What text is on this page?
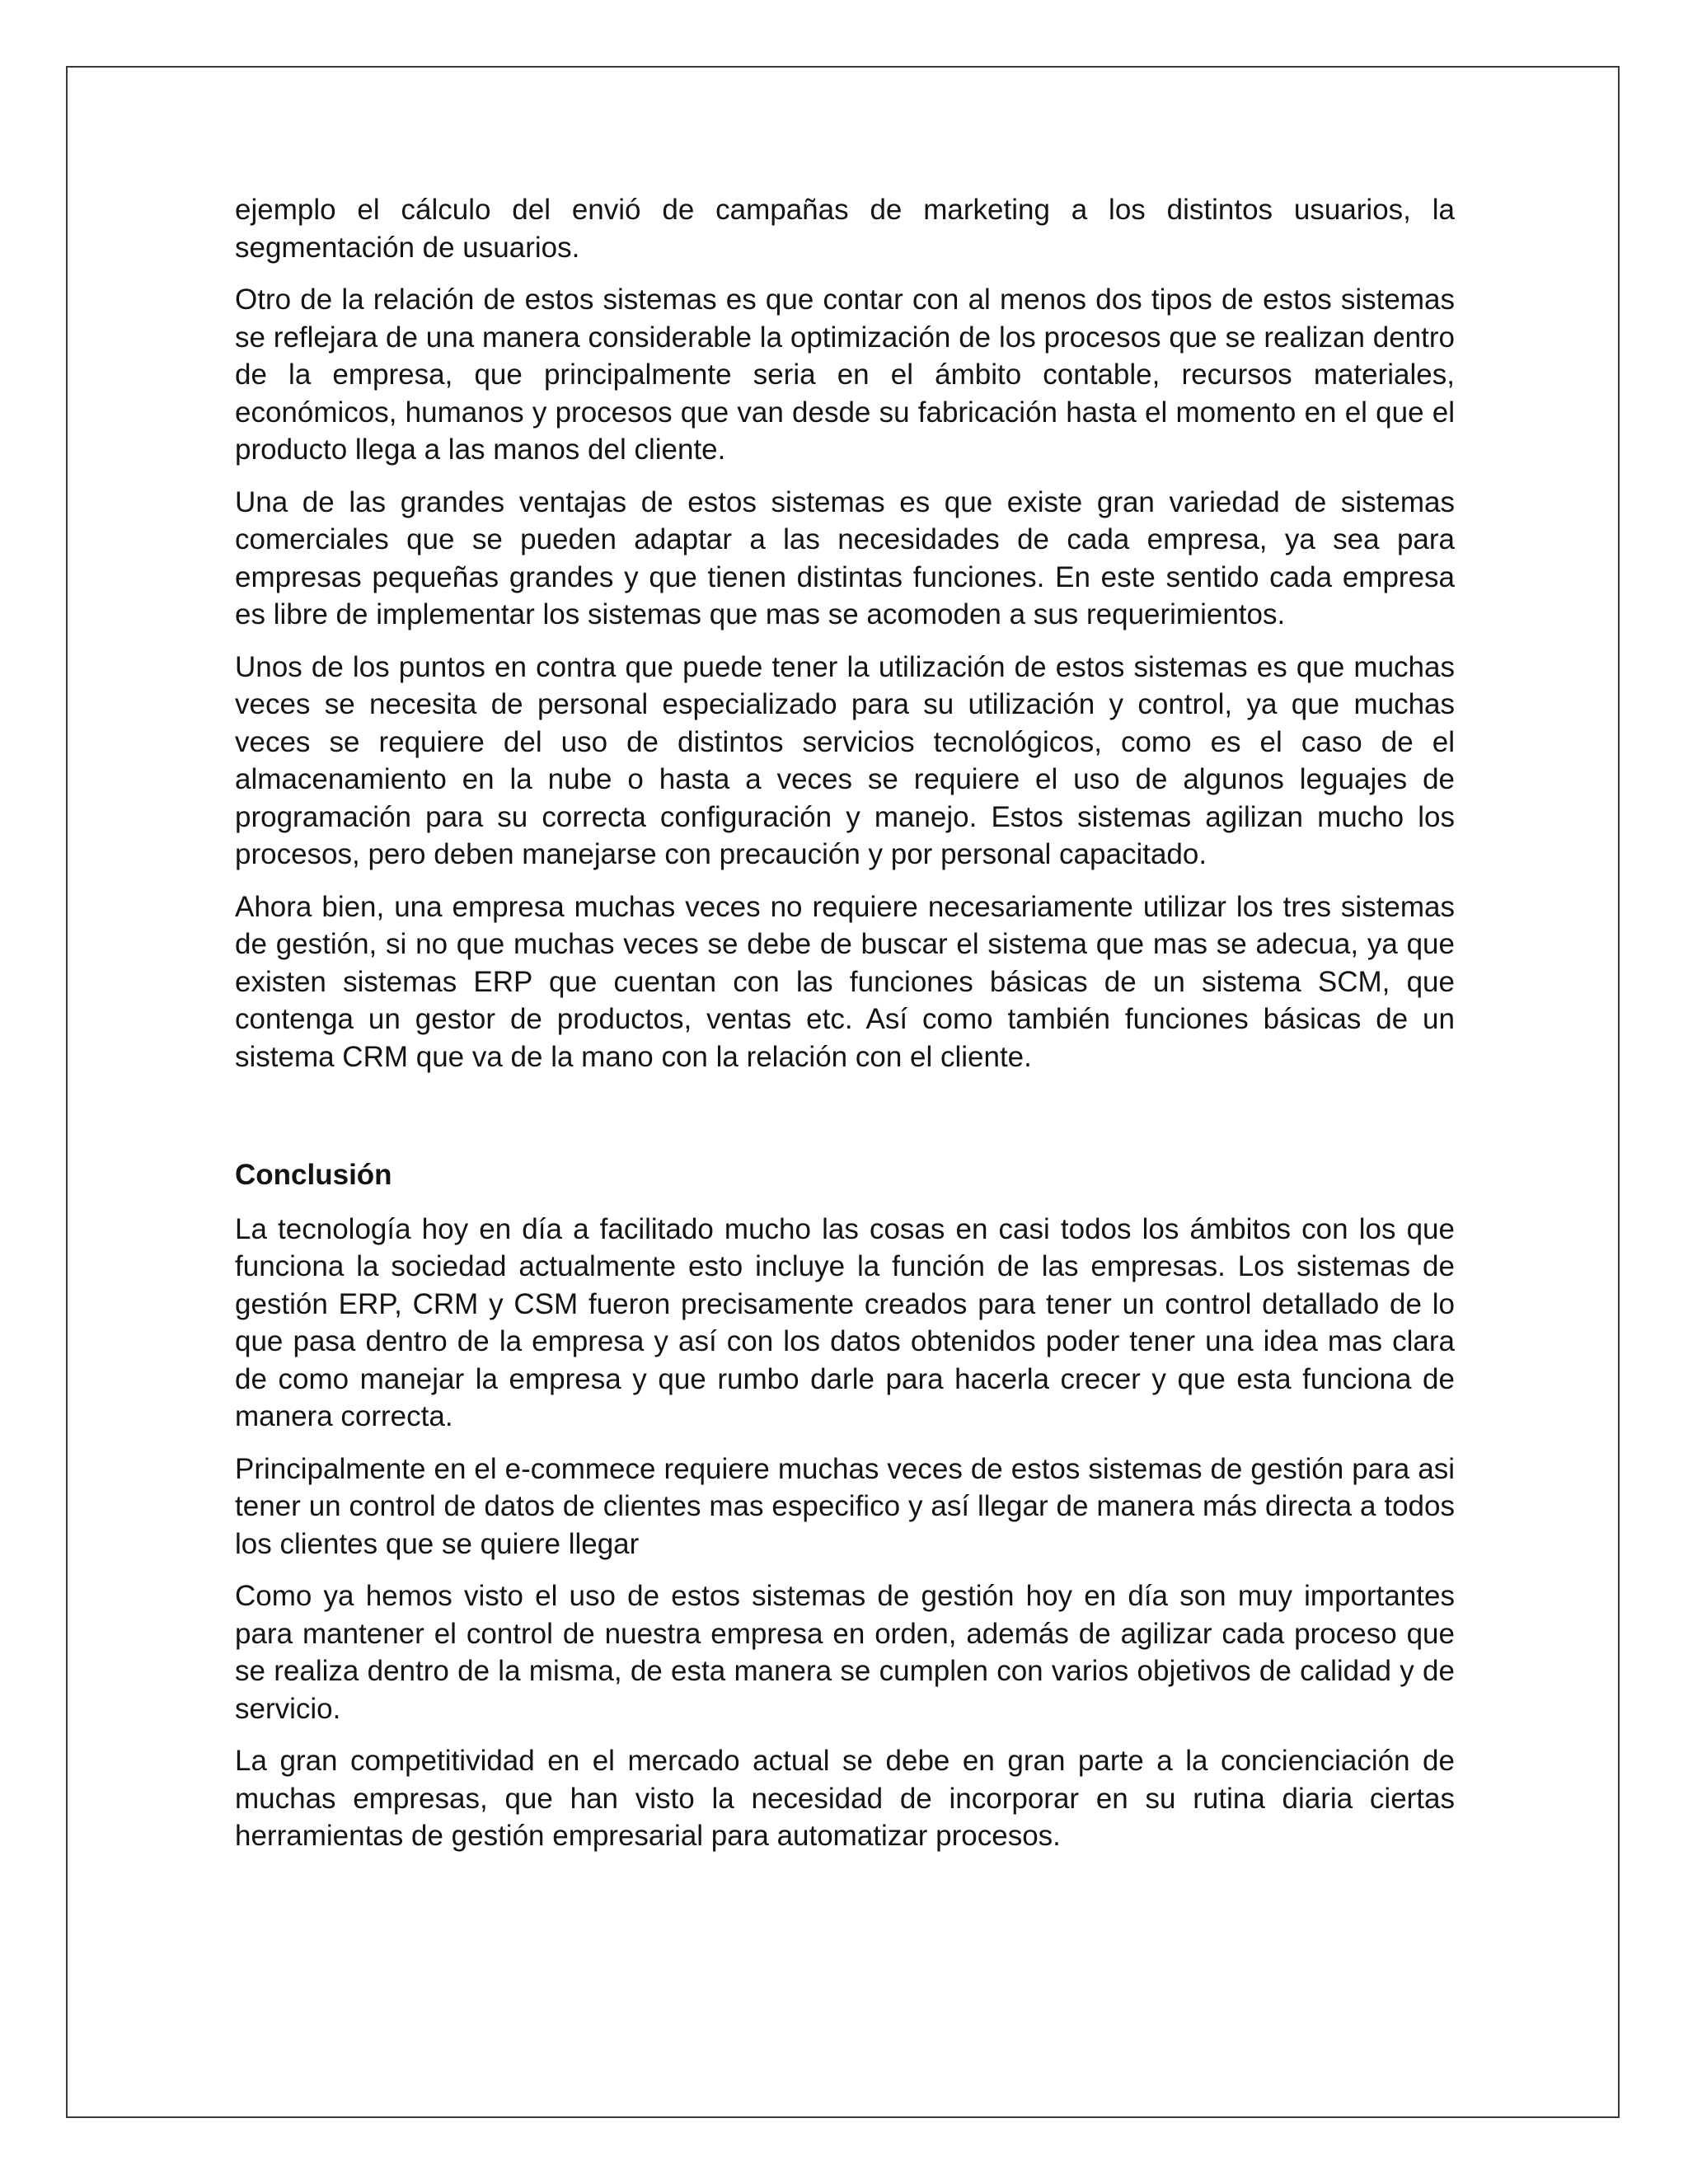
ejemplo el cálculo del envió de campañas de marketing a los distintos usuarios, la segmentación de usuarios.

Otro de la relación de estos sistemas es que contar con al menos dos tipos de estos sistemas se reflejara de una manera considerable la optimización de los procesos que se realizan dentro de la empresa, que principalmente seria en el ámbito contable, recursos materiales, económicos, humanos y procesos que van desde su fabricación hasta el momento en el que el producto llega a las manos del cliente.

Una de las grandes ventajas de estos sistemas es que existe gran variedad de sistemas comerciales que se pueden adaptar a las necesidades de cada empresa, ya sea para empresas pequeñas grandes y que tienen distintas funciones. En este sentido cada empresa es libre de implementar los sistemas que mas se acomoden a sus requerimientos.

Unos de los puntos en contra que puede tener la utilización de estos sistemas es que muchas veces se necesita de personal especializado para su utilización y control, ya que muchas veces se requiere del uso de distintos servicios tecnológicos, como es el caso de el almacenamiento en la nube o hasta a veces se requiere el uso de algunos leguajes de programación para su correcta configuración y manejo. Estos sistemas agilizan mucho los procesos, pero deben manejarse con precaución y por personal capacitado.

Ahora bien, una empresa muchas veces no requiere necesariamente utilizar los tres sistemas de gestión, si no que muchas veces se debe de buscar el sistema que mas se adecua, ya que existen sistemas ERP que cuentan con las funciones básicas de un sistema SCM, que contenga un gestor de productos, ventas etc. Así como también funciones básicas de un sistema CRM que va de la mano con la relación con el cliente.

Conclusión

La tecnología hoy en día a facilitado mucho las cosas en casi todos los ámbitos con los que funciona la sociedad actualmente esto incluye la función de las empresas. Los sistemas de gestión ERP, CRM y CSM fueron precisamente creados para tener un control detallado de lo que pasa dentro de la empresa y así con los datos obtenidos poder tener una idea mas clara de como manejar la empresa y que rumbo darle para hacerla crecer y que esta funciona de manera correcta.

Principalmente en el e-commece requiere muchas veces de estos sistemas de gestión para asi tener un control de datos de clientes mas especifico y así llegar de manera más directa a todos los clientes que se quiere llegar

Como ya hemos visto el uso de estos sistemas de gestión hoy en día son muy importantes para mantener el control de nuestra empresa en orden, además de agilizar cada proceso que se realiza dentro de la misma, de esta manera se cumplen con varios objetivos de calidad y de servicio.

La gran competitividad en el mercado actual se debe en gran parte a la concienciación de muchas empresas, que han visto la necesidad de incorporar en su rutina diaria ciertas herramientas de gestión empresarial para automatizar procesos.
